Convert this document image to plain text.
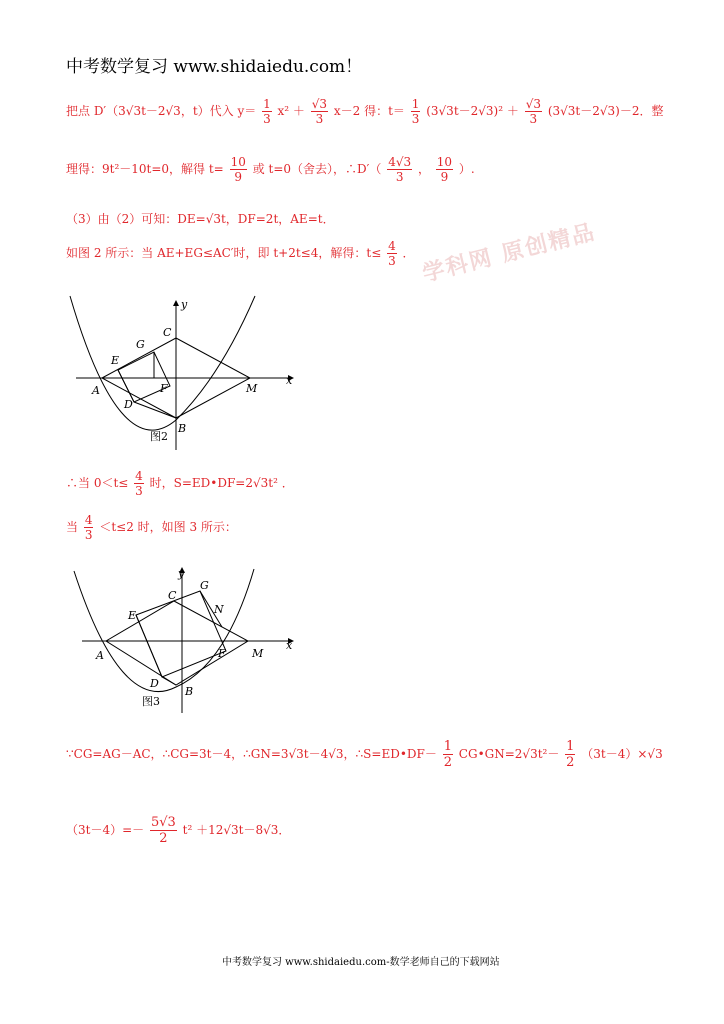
中考数学复习 www.shidaiedu.com！
学科网 原创精品
把点 D′（3√3t－2√3，t）代入 $y= \frac{1}{3} x^2 + \frac{√3}{3} x-2$ 得：$t= \frac{1}{3} (3√3t-2√3)^2 + \frac{√3}{3} (3√3t-2√3)-2$．整
理得：9t²－10t=0，解得 $t= \frac{10}{9}$ 或 t=0（舍去），∴D′（ $\frac{4√3}{3}$ ， $\frac{10}{9}$ ）.
（3）由（2）可知：DE=√3t，DF=2t，AE=t．
如图 2 所示：当 AE+EG≤AC′时，即 t+2t≤4，解得：$t\le \frac{4}{3}$ ．
y
x
C
G
E
A	F
D
M
B
图2
∴当 $0<t\le \frac{4}{3}$ 时，S=ED•DF=2√3t² ．
当 $\frac{4}{3} <t\le 2$ 时，如图 3 所示：
y
x
C
G
N
E
A	F
D
M
B
图3
∵CG=AG－AC，∴CG=3t－4，∴GN=3√3t－4√3，∴S=ED•DF－ $\frac{1}{2}$ CG•GN=2√3t²－ $\frac{1}{2} (3t-4)\times√3$
$(3t-4)=- \frac{5√3}{2} t^2 +12√3t-8√3$．
中考数学复习 www.shidaiedu.com-数学老师自己的下载网站
